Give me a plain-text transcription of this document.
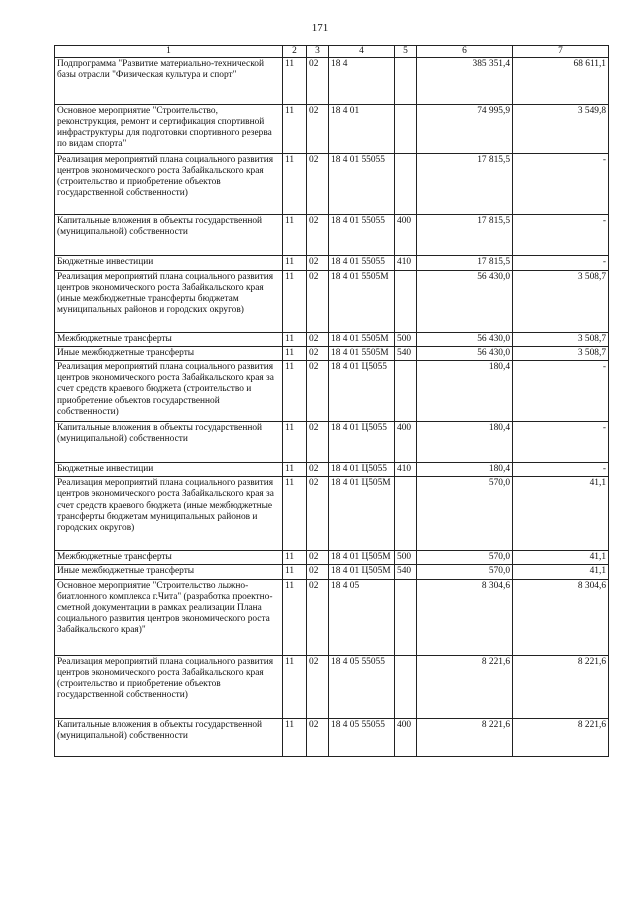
171
1	2	3	4	5	6	7
Подпрограмма "Развитие материально-технической базы отрасли "Физическая культура и спорт"	11	02	18 4		385 351,4	68 611,1
Основное мероприятие "Строительство, реконструкция, ремонт и сертификация спортивной инфраструктуры для подготовки спортивного резерва по видам спорта"	11	02	18 4 01		74 995,9	3 549,8
Реализация мероприятий плана социального развития центров экономического роста Забайкальского края (строительство и приобретение объектов государственной собственности)	11	02	18 4 01 55055		17 815,5	-
Капитальные вложения в объекты государственной (муниципальной) собственности	11	02	18 4 01 55055	400	17 815,5	-
Бюджетные инвестиции	11	02	18 4 01 55055	410	17 815,5	-
Реализация мероприятий плана социального развития центров экономического роста Забайкальского края (иные межбюджетные трансферты бюджетам муниципальных районов и городских округов)	11	02	18 4 01 5505М		56 430,0	3 508,7
Межбюджетные трансферты	11	02	18 4 01 5505М	500	56 430,0	3 508,7
Иные межбюджетные трансферты	11	02	18 4 01 5505М	540	56 430,0	3 508,7
Реализация мероприятий плана социального развития центров экономического роста Забайкальского края за счет средств краевого бюджета (строительство и приобретение объектов государственной собственности)	11	02	18 4 01 Ц5055		180,4	-
Капитальные вложения в объекты государственной (муниципальной) собственности	11	02	18 4 01 Ц5055	400	180,4	-
Бюджетные инвестиции	11	02	18 4 01 Ц5055	410	180,4	-
Реализация мероприятий плана социального развития центров экономического роста Забайкальского края за счет средств краевого бюджета (иные межбюджетные трансферты бюджетам муниципальных районов и городских округов)	11	02	18 4 01 Ц505М		570,0	41,1
Межбюджетные трансферты	11	02	18 4 01 Ц505М	500	570,0	41,1
Иные межбюджетные трансферты	11	02	18 4 01 Ц505М	540	570,0	41,1
Основное мероприятие "Строительство лыжно-биатлонного комплекса г.Чита" (разработка проектно-сметной документации в рамках реализации Плана социального развития центров экономического роста Забайкальского края)"	11	02	18 4 05		8 304,6	8 304,6
Реализация мероприятий плана социального развития центров экономического роста Забайкальского края (строительство и приобретение объектов государственной собственности)	11	02	18 4 05 55055		8 221,6	8 221,6
Капитальные вложения в объекты государственной (муниципальной) собственности	11	02	18 4 05 55055	400	8 221,6	8 221,6
